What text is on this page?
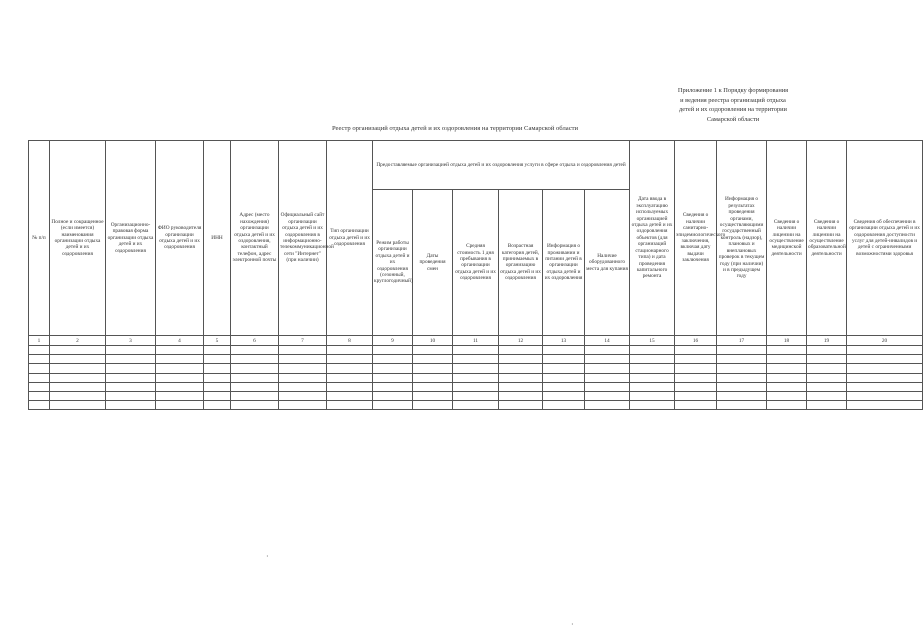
Приложение 1 к Порядку формирования
и ведения реестра организаций отдыха
детей и их оздоровления на территории
Самарской области
Реестр организаций отдыха детей и их оздоровления на территории Самарской области
№ п/п	Полное и сокращенное (если имеется) наименования организации отдыха детей и их оздоровления	Организационно-правовая форма организации отдыха детей и их оздоровления	ФИО руководителя организации отдыха детей и их оздоровления	ИНН	Адрес (место нахождения) организации отдыха детей и их оздоровления, контактный телефон, адрес электронной почты	Официальный сайт организации отдыха детей и их оздоровления в информационно-телекоммуникационной сети "Интернет" (при наличии)	Тип организации отдыха детей и их оздоровления	Предоставляемые организацией отдыха детей и их оздоровления услуги в сфере отдыха и оздоровления детей						Дата ввода в эксплуатацию используемых организацией отдыха детей и их оздоровления объектов (для организаций стационарного типа) и дата проведения капитального ремонта	Сведения о наличии санитарно-эпидемиологического заключения, включая дату выдачи заключения	Информация о результатах проведения органами, осуществляющими государственный контроль (надзор), плановых и внеплановых проверок в текущем году (при наличии) и в предыдущем году	Сведения о наличии лицензии на осуществление медицинской деятельности	Сведения о наличии лицензии на осуществление образовательной деятельности	Сведения об обеспечении в организации отдыха детей и их оздоровления доступности услуг для детей-инвалидов и детей с ограниченными возможностями здоровья
								Режим работы организации отдыха детей и их оздоровления (сезонный, круглогодичный)	Даты проведения смен	Средняя стоимость 1 дня пребывания в организации отдыха детей и их оздоровления	Возрастная категория детей, принимаемых в организацию отдыха детей и их оздоровления	Информация о проживании и питании детей в организации отдыха детей и их оздоровления	Наличие оборудованного места для купания						
1	2	3	4	5	6	7	8	9	10	11	12	13	14	15	16	17	18	19	20

·
·
